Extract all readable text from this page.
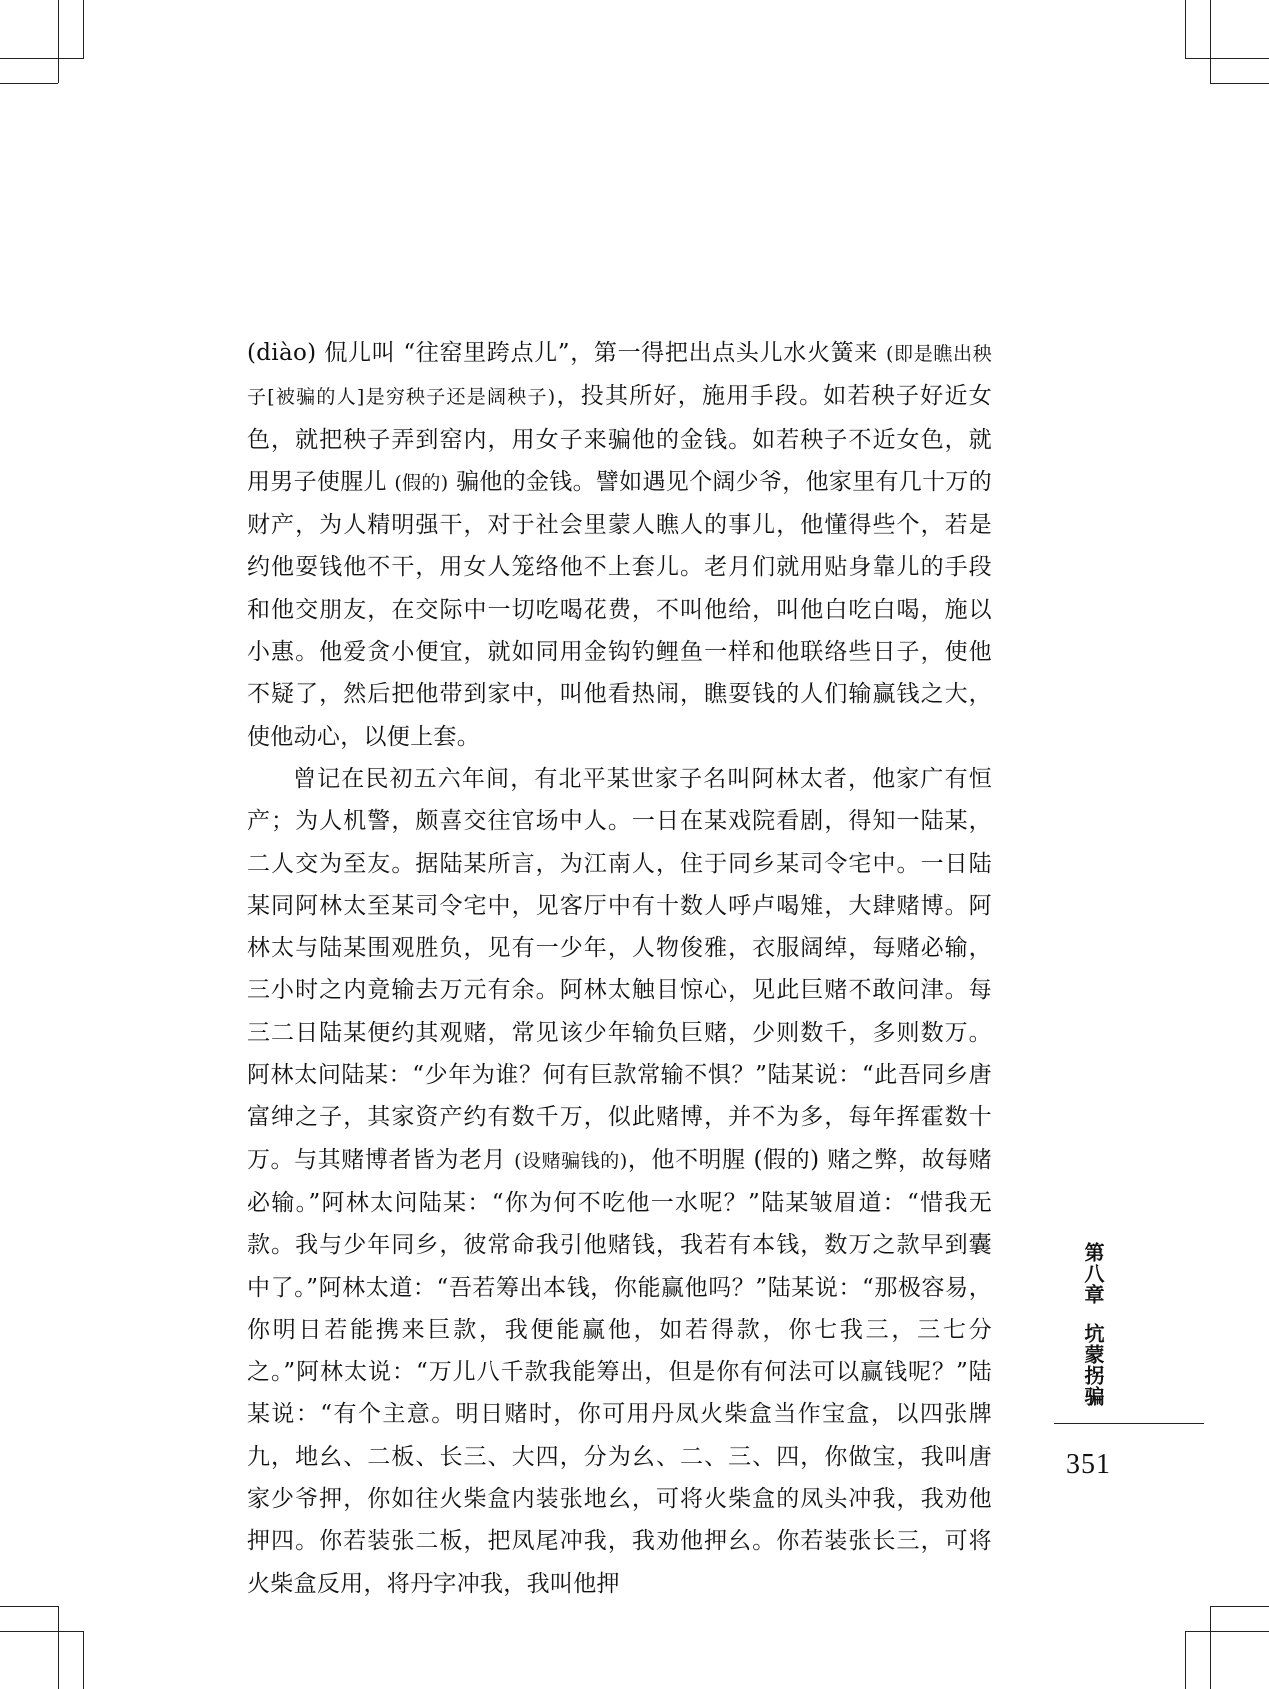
(diào) 侃儿叫 “往窑里跨点儿”，第一得把出点头儿水火簧来 (即是瞧出秧子[被骗的人]是穷秧子还是阔秧子)，投其所好，施用手段。如若秧子好近女色，就把秧子弄到窑内，用女子来骗他的金钱。如若秧子不近女色，就用男子使腥儿 (假的) 骗他的金钱。譬如遇见个阔少爷，他家里有几十万的财产，为人精明强干，对于社会里蒙人瞧人的事儿，他懂得些个，若是约他耍钱他不干，用女人笼络他不上套儿。老月们就用贴身靠儿的手段和他交朋友，在交际中一切吃喝花费，不叫他给，叫他白吃白喝，施以小惠。他爱贪小便宜，就如同用金钩钓鲤鱼一样和他联络些日子，使他不疑了，然后把他带到家中，叫他看热闹，瞧耍钱的人们输赢钱之大，使他动心，以便上套。

曾记在民初五六年间，有北平某世家子名叫阿林太者，他家广有恒产；为人机警，颇喜交往官场中人。一日在某戏院看剧，得知一陆某，二人交为至友。据陆某所言，为江南人，住于同乡某司令宅中。一日陆某同阿林太至某司令宅中，见客厅中有十数人呼卢喝雉，大肆赌博。阿林太与陆某围观胜负，见有一少年，人物俊雅，衣服阔绰，每赌必输，三小时之内竟输去万元有余。阿林太触目惊心，见此巨赌不敢问津。每三二日陆某便约其观赌，常见该少年输负巨赌，少则数千，多则数万。阿林太问陆某：“少年为谁？何有巨款常输不惧？”陆某说：“此吾同乡唐富绅之子，其家资产约有数千万，似此赌博，并不为多，每年挥霍数十万。与其赌博者皆为老月 (设赌骗钱的)，他不明腥 (假的) 赌之弊，故每赌必输。”阿林太问陆某：“你为何不吃他一水呢？”陆某皱眉道：“惜我无款。我与少年同乡，彼常命我引他赌钱，我若有本钱，数万之款早到囊中了。”阿林太道：“吾若筹出本钱，你能赢他吗？”陆某说：“那极容易，你明日若能携来巨款，我便能赢他，如若得款，你七我三，三七分之。”阿林太说：“万儿八千款我能筹出，但是你有何法可以赢钱呢？”陆某说：“有个主意。明日赌时，你可用丹凤火柴盒当作宝盒，以四张牌九，地幺、二板、长三、大四，分为幺、二、三、四，你做宝，我叫唐家少爷押，你如往火柴盒内装张地幺，可将火柴盒的凤头冲我，我劝他押四。你若装张二板，把凤尾冲我，我劝他押幺。你若装张长三，可将火柴盒反用，将丹字冲我，我叫他押

第八章坑蒙拐骗
351
